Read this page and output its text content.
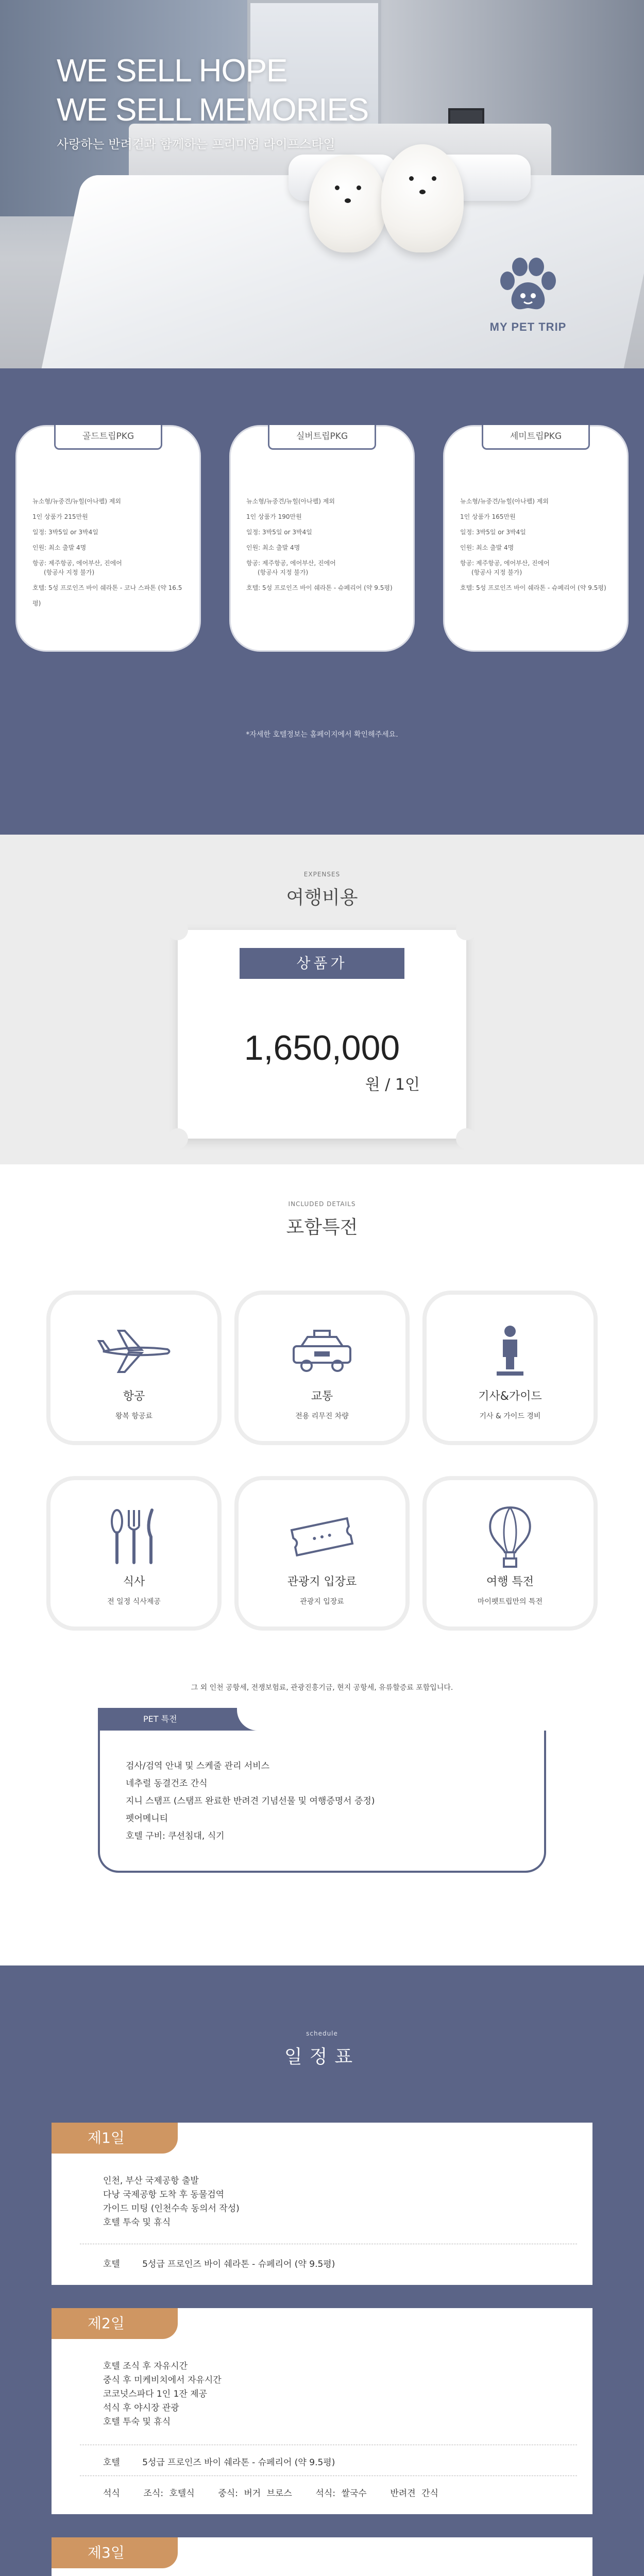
WE SELL HOPE
WE SELL MEMORIES
사랑하는 반려견과 함께하는 프리미엄 라이프스타일
MY PET TRIP
골드트립PKG
뉴소형/뉴중견/뉴힐(아나펠) 제외
1인 상품가 215만원
일정: 3박5일 or 3박4일
인원: 최소 출발 4명
항공: 제주항공, 에어부산, 진에어
(항공사 지정 불가)
호텔: 5성 프로인즈 바이 쉐라톤 - 코나 스파톤 (약 16.5평)
실버트립PKG
뉴소형/뉴중견/뉴힐(아나펠) 제외
1인 상품가 190만원
일정: 3박5일 or 3박4일
인원: 최소 출발 4명
항공: 제주항공, 에어부산, 진에어
(항공사 지정 불가)
호텔: 5성 프로인즈 바이 쉐라톤 - 슈페리어 (약 9.5평)
세미트립PKG
뉴소형/뉴중견/뉴힐(아나펠) 제외
1인 상품가 165만원
일정: 3박5일 or 3박4일
인원: 최소 출발 4명
항공: 제주항공, 에어부산, 진에어
(항공사 지정 불가)
호텔: 5성 프로인즈 바이 쉐라톤 - 슈페리어 (약 9.5평)
*자세한 호텔정보는 홈페이지에서 확인해주세요.
EXPENSES
여행비용
상품가
1,650,000
원 / 1인
INCLUDED DETAILS
포함특전
항공
왕복 항공료
교통
전용 리무진 차량
기사&가이드
기사 & 가이드 경비
식사
전 일정 식사제공
관광지 입장료
관광지 입장료
여행 특전
마이펫트립만의 특전
그 외 인천 공항세, 전쟁보험료, 관광진흥기금, 현지 공항세, 유류할증료 포함입니다.
PET 특전
검사/검역 안내 및 스케줄 관리 서비스
네추럴 동결건조 간식
지니 스탬프 (스탬프 완료한 반려견 기념선물 및 여행증명서 증정)
펫어메니티
호텔 구비: 쿠션침대, 식기
schedule
일정표
제1일

인천, 부산 국제공항 출발

다낭 국제공항 도착 후 동물검역

가이드 미팅 (인천수속 동의서 작성)

호텔 투숙 및 휴식

호텔	5성급 프로인즈 바이 쉐라톤 - 슈페리어 (약 9.5평)
제2일

호텔 조식 후 자유시간

중식 후 미케비치에서 자유시간

코코넛스파다 1인 1잔 제공

석식 후 야시장 관광

호텔 투숙 및 휴식

호텔	5성급 프로인즈 바이 쉐라톤 - 슈페리어 (약 9.5평)
석식	조식: 호텔식	중식: 버거 브로스	석식: 쌀국수	반려견 간식
제3일
